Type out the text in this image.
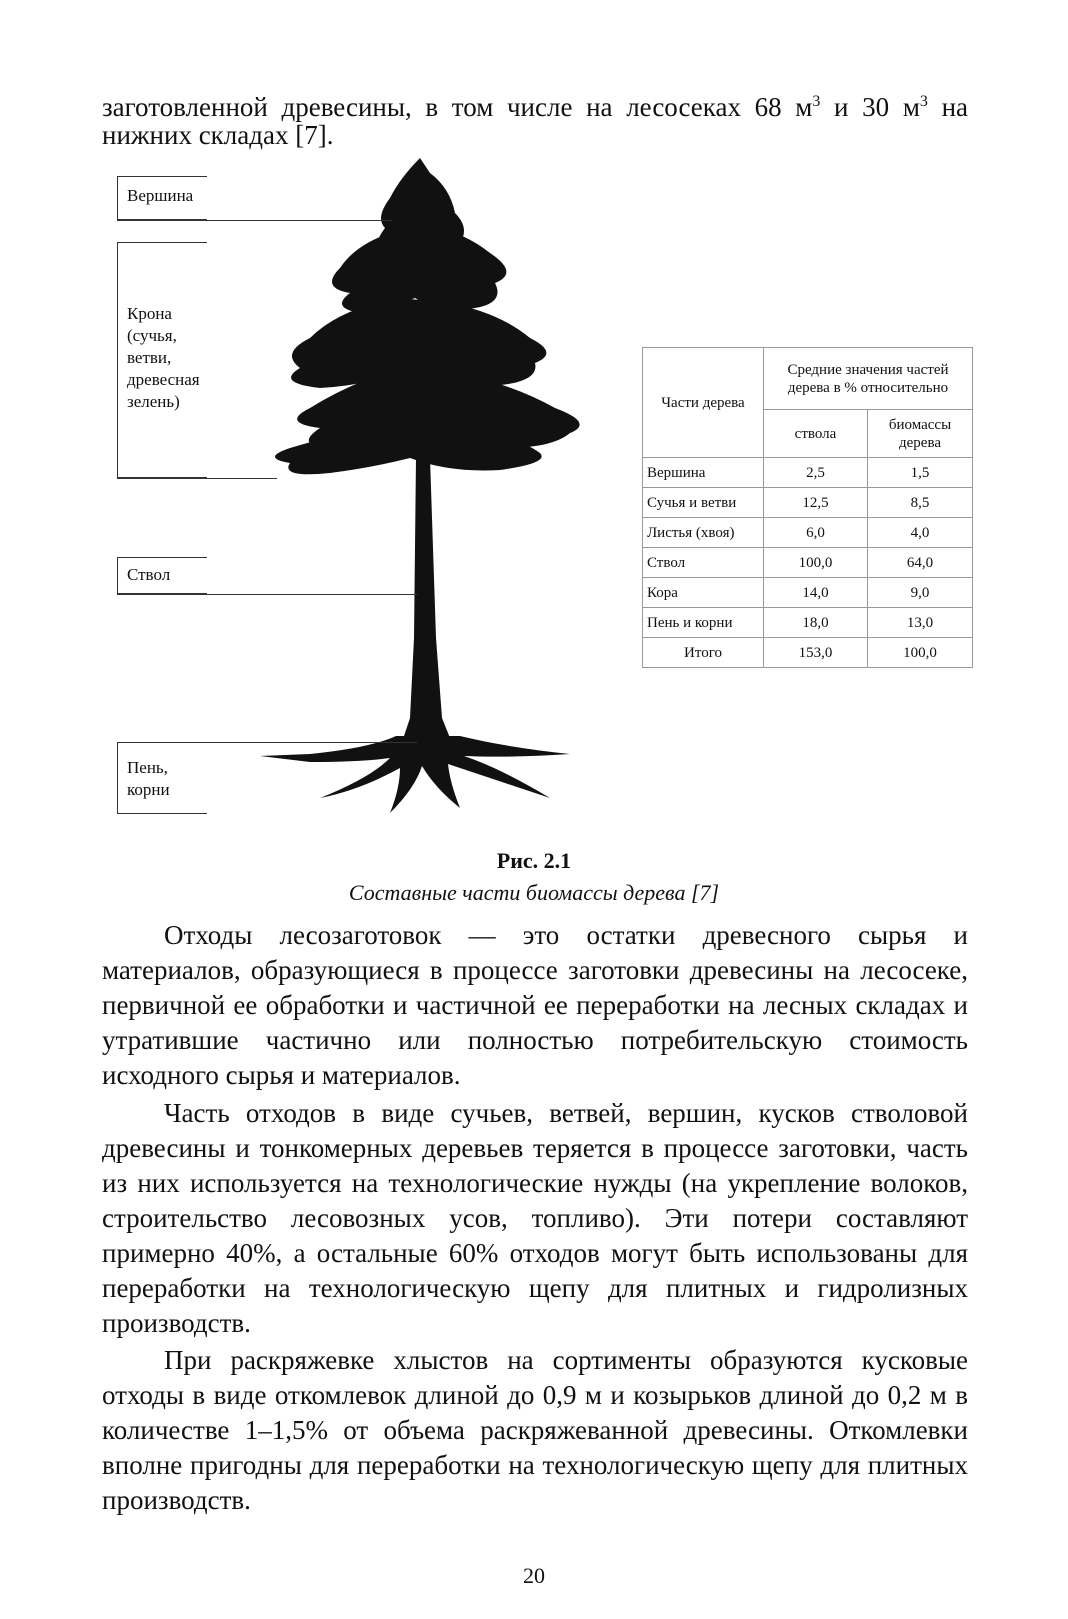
заготовленной древесины, в том числе на лесосеках 68 $м^3$ и 30 $м^3$ на
нижних складах [7].
Вершина
Крона
(сучья,
ветви,
древесная
зелень)
Ствол
Пень,
корни
Части дерева	Средние значения частей дерева в % относительно	
	ствола	биомассы дерева
Вершина	2,5	1,5
Сучья и ветви	12,5	8,5
Листья (хвоя)	6,0	4,0
Ствол	100,0	64,0
Кора	14,0	9,0
Пень и корни	18,0	13,0
Итого	153,0	100,0
Рис. 2.1
Составные части биомассы дерева [7]
Отходы лесозаготовок — это остатки древесного сырья и материалов, образующиеся в процессе заготовки древесины на лесосеке, первичной ее обработки и частичной ее переработки на лесных складах и утратившие частично или полностью потребительскую стоимость исходного сырья и материалов.
Часть отходов в виде сучьев, ветвей, вершин, кусков стволовой древесины и тонкомерных деревьев теряется в процессе заготовки, часть из них используется на технологические нужды (на укрепление волоков, строительство лесовозных усов, топливо). Эти потери составляют примерно 40%, а остальные 60% отходов могут быть использованы для переработки на технологическую щепу для плитных и гидролизных производств.
При раскряжевке хлыстов на сортименты образуются кусковые отходы в виде откомлевок длиной до 0,9 м и козырьков длиной до 0,2 м в количестве 1–1,5% от объема раскряжеванной древесины. Откомлевки вполне пригодны для переработки на технологическую щепу для плитных производств.
20
